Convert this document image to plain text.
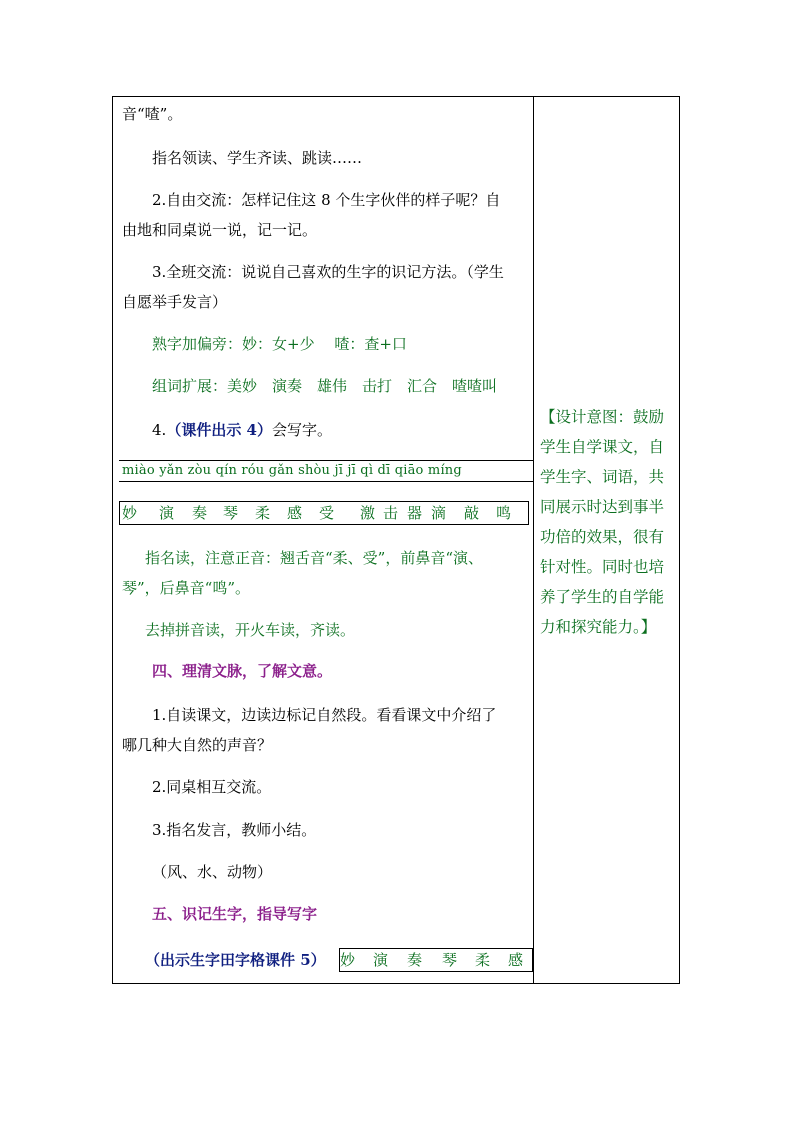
音“喳”。
指名领读、学生齐读、跳读……
2.自由交流：怎样记住这 8 个生字伙伴的样子呢？自
由地和同桌说一说，记一记。
3.全班交流：说说自己喜欢的生字的识记方法。（学生
自愿举手发言）
熟字加偏旁：妙：女+少　 喳：查+口
组词扩展：美妙　演奏　雄伟　击打　汇合　喳喳叫
4.（课件出示 4）会写字。
miào yǎn zòu qín róu gǎn shòu jī jī qì dī qiāo míng
妙 演 奏 琴 柔 感 受 激 击 器 滴 敲 鸣
指名读，注意正音：翘舌音“柔、受”，前鼻音“演、
琴”，后鼻音“鸣”。
去掉拼音读，开火车读，齐读。
四、理清文脉，了解文意。
1.自读课文，边读边标记自然段。看看课文中介绍了
哪几种大自然的声音？
2.同桌相互交流。
3.指名发言，教师小结。
（风、水、动物）
五、识记生字，指导写字
（出示生字田字格课件 5） 妙 演 奏 琴 柔 感
【设计意图：鼓励
学生自学课文，自
学生字、词语，共
同展示时达到事半
功倍的效果，很有
针对性。同时也培
养了学生的自学能
力和探究能力。】
